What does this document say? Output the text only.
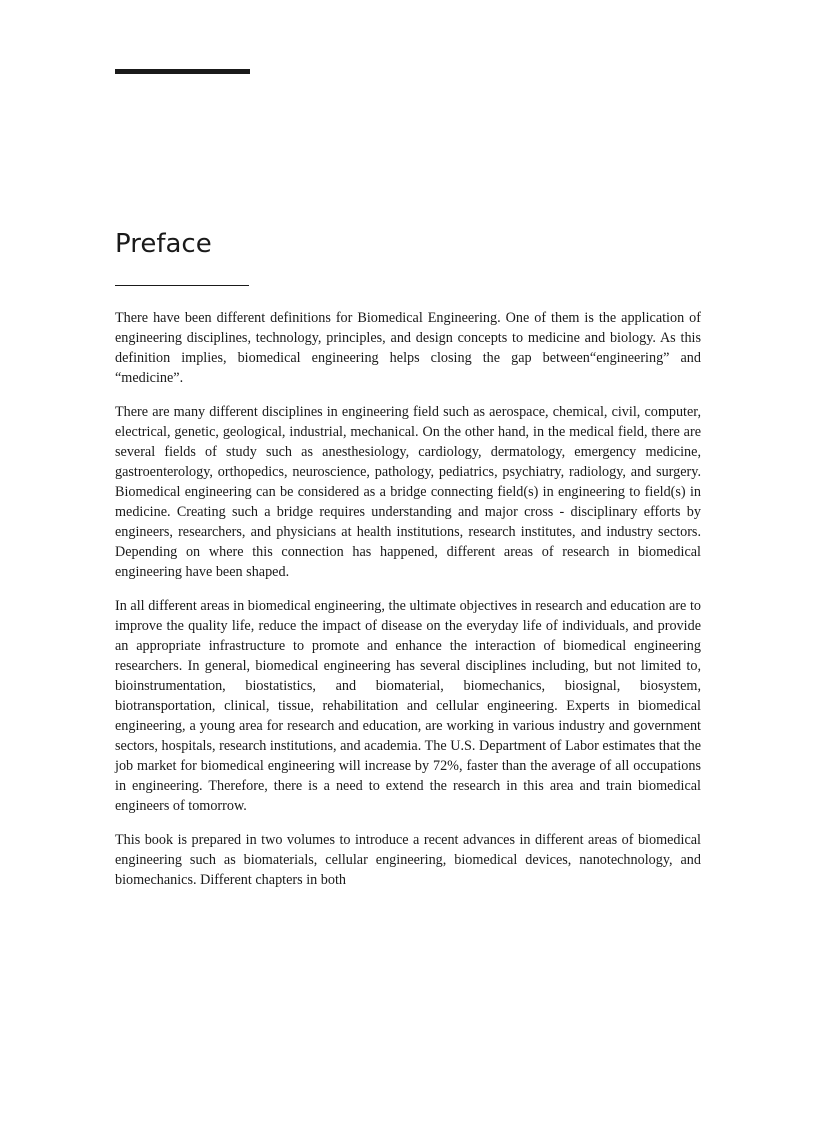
Preface

There have been different definitions for Biomedical Engineering. One of them is the application of engineering disciplines, technology, principles, and design concepts to medicine and biology. As this definition implies, biomedical engineering helps closing the gap between“engineering” and “medicine”.

There are many different disciplines in engineering field such as aerospace, chemical, civil, computer, electrical, genetic, geological, industrial, mechanical. On the other hand, in the medical field, there are several fields of study such as anesthesiology, cardiology, dermatology, emergency medicine, gastroenterology, orthopedics, neuroscience, pathology, pediatrics, psychiatry, radiology, and surgery. Biomedical engineering can be considered as a bridge connecting field(s) in engineering to field(s) in medicine. Creating such a bridge requires understanding and major cross - disciplinary efforts by engineers, researchers, and physicians at health institutions, research institutes, and industry sectors. Depending on where this connection has happened, different areas of research in biomedical engineering have been shaped.

In all different areas in biomedical engineering, the ultimate objectives in research and education are to improve the quality life, reduce the impact of disease on the everyday life of individuals, and provide an appropriate infrastructure to promote and enhance the interaction of biomedical engineering researchers. In general, biomedical engineering has several disciplines including, but not limited to, bioinstrumentation, biostatistics, and biomaterial, biomechanics, biosignal, biosystem, biotransportation, clinical, tissue, rehabilitation and cellular engineering. Experts in biomedical engineering, a young area for research and education, are working in various industry and government sectors, hospitals, research institutions, and academia. The U.S. Department of Labor estimates that the job market for biomedical engineering will increase by 72%, faster than the average of all occupations in engineering. Therefore, there is a need to extend the research in this area and train biomedical engineers of tomorrow.

This book is prepared in two volumes to introduce a recent advances in different areas of biomedical engineering such as biomaterials, cellular engineering, biomedical devices, nanotechnology, and biomechanics. Different chapters in both
